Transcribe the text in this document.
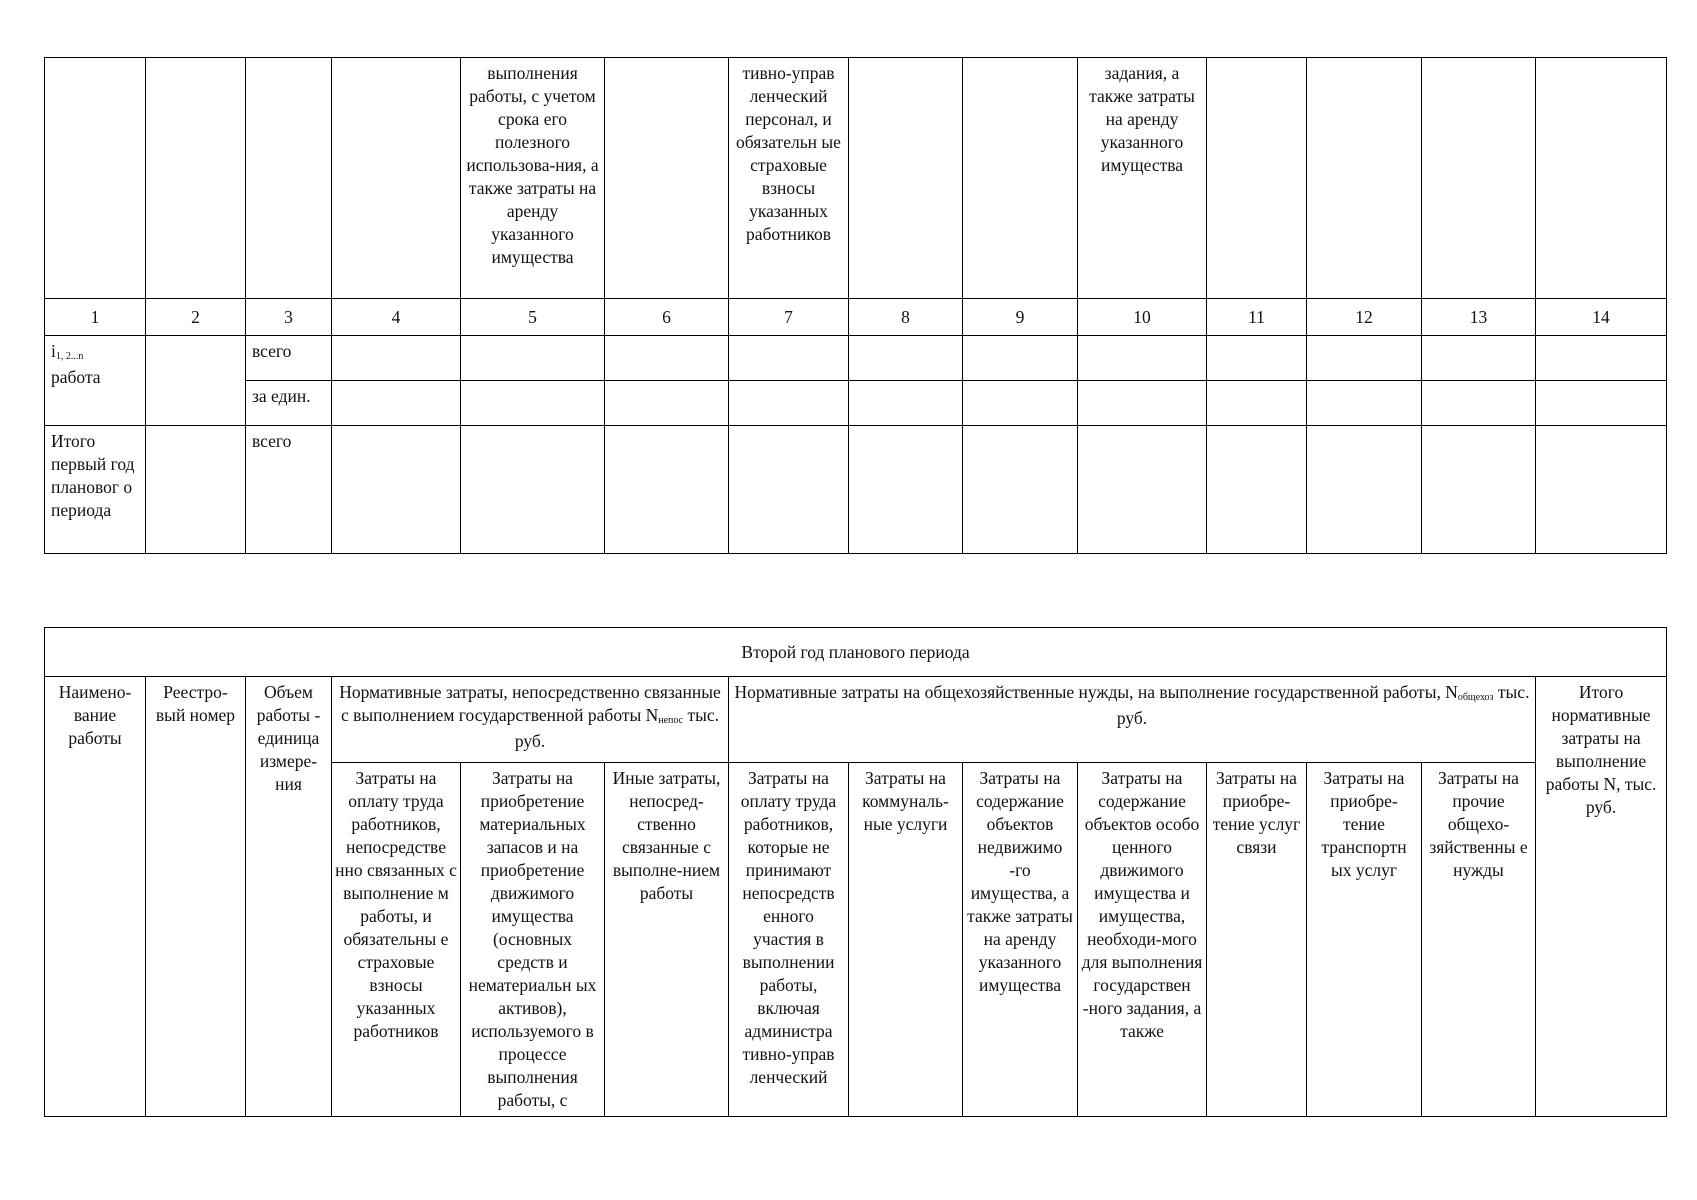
				выполнения работы, с учетом срока его полезного использова-ния, а также затраты на аренду указанного имущества		тивно-управ ленческий персонал, и обязательн ые страховые взносы указанных работников			задания, а также затраты на аренду указанного имущества				
1	2	3	4	5	6	7	8	9	10	11	12	13	14
$i_{1, 2...n}$
работа		всего											
		за един.											
Итого первый год плановог о периода		всего											
Второй год планового периода													
Наимено-вание работы	Реестро-вый номер	Объем работы - единица измере-ния	Нормативные затраты, непосредственно связанные с выполнением государственной работы $N_{непос}$ тыс. руб.			Нормативные затраты на общехозяйственные нужды, на выполнение государственной работы, $N_{общехоз}$ тыс. руб.							Итого нормативные затраты на выполнение работы N, тыс. руб.
			Затраты на оплату труда работников, непосредстве нно связанных с выполнение м работы, и обязательны е страховые взносы указанных работников	Затраты на приобретение материальных запасов и на приобретение движимого имущества (основных средств и нематериальн ых активов), используемого в процессе выполнения работы, с	Иные затраты, непосред-ственно связанные с выполне-нием работы	Затраты на оплату труда работников, которые не принимают непосредств енного участия в выполнении работы, включая администра тивно-управ ленческий	Затраты на коммуналь-ные услуги	Затраты на содержание объектов недвижимо -го имущества, а также затраты на аренду указанного имущества	Затраты на содержание объектов особо ценного движимого имущества и имущества, необходи-мого для выполнения государствен -ного задания, а также	Затраты на приобре-тение услуг связи	Затраты на приобре-тение транспортн ых услуг	Затраты на прочие общехо-зяйственны е нужды	
